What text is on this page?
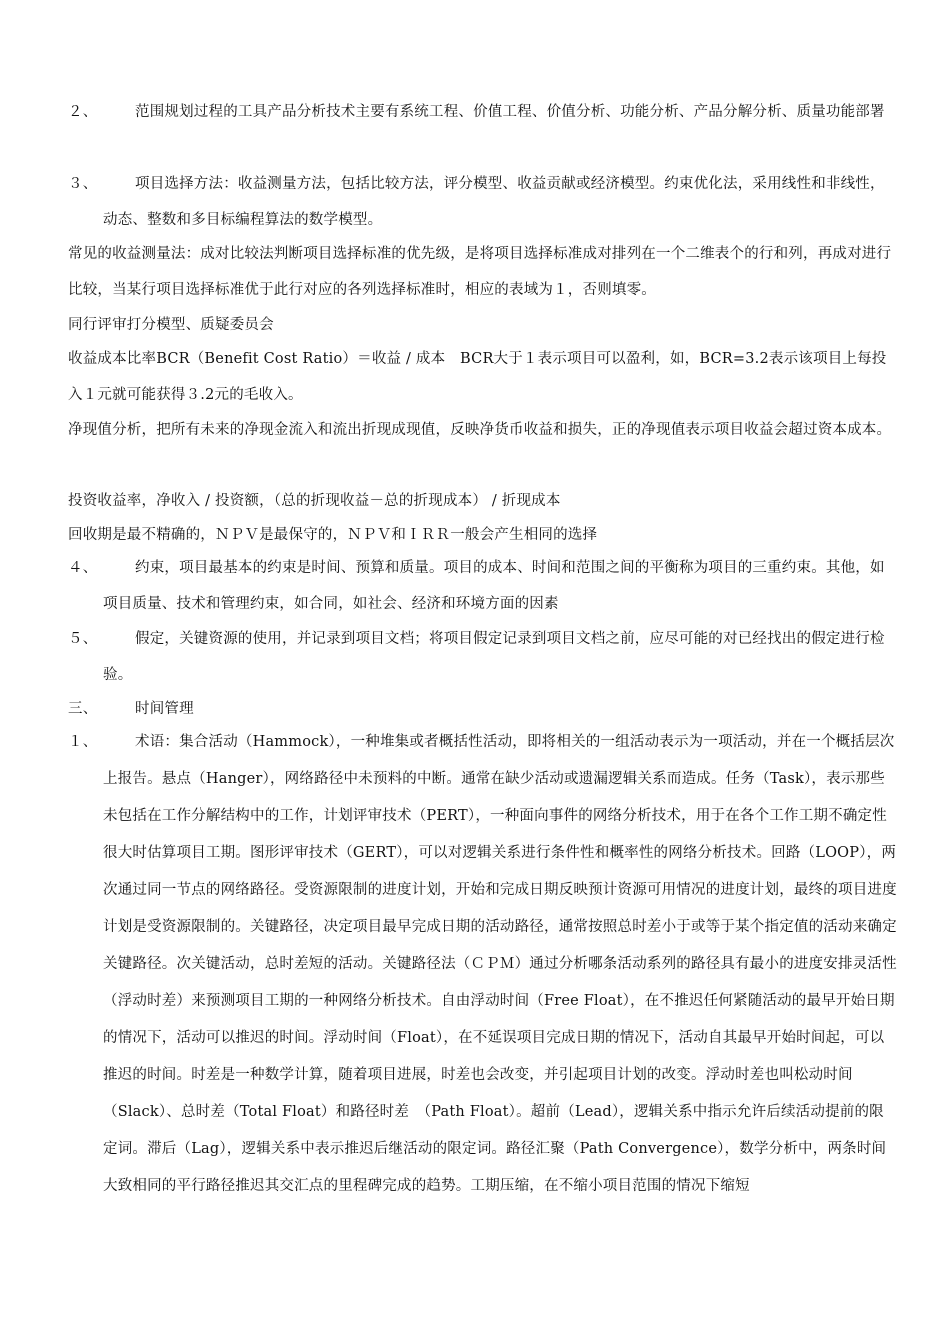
２、	范围规划过程的工具产品分析技术主要有系统工程、价值工程、价值分析、功能分析、产品分解分析、质量功能部署

３、	项目选择方法：收益测量方法，包括比较方法，评分模型、收益贡献或经济模型。约束优化法，采用线性和非线性，动态、整数和多目标编程算法的数学模型。

常见的收益测量法：成对比较法判断项目选择标准的优先级，是将项目选择标准成对排列在一个二维表个的行和列，再成对进行比较，当某行项目选择标准优于此行对应的各列选择标准时，相应的表域为１，否则填零。

同行评审打分模型、质疑委员会

收益成本比率BCR（Benefit Cost Ratio）＝收益 / 成本　BCR大于１表示项目可以盈利，如，BCR=3.2表示该项目上每投入１元就可能获得３.2元的毛收入。

净现值分析，把所有未来的净现金流入和流出折现成现值，反映净货币收益和损失，正的净现值表示项目收益会超过资本成本。

投资收益率，净收入 / 投资额，（总的折现收益－总的折现成本） / 折现成本

回收期是最不精确的，ＮＰＶ是最保守的，ＮＰＶ和ＩＲＲ一般会产生相同的选择

４、	约束，项目最基本的约束是时间、预算和质量。项目的成本、时间和范围之间的平衡称为项目的三重约束。其他，如项目质量、技术和管理约束，如合同，如社会、经济和环境方面的因素

５、	假定，关键资源的使用，并记录到项目文档；将项目假定记录到项目文档之前，应尽可能的对已经找出的假定进行检验。

三、	时间管理

１、	术语：集合活动（Hammock），一种堆集或者概括性活动，即将相关的一组活动表示为一项活动，并在一个概括层次上报告。悬点（Hanger），网络路径中未预料的中断。通常在缺少活动或遗漏逻辑关系而造成。任务（Task），表示那些未包括在工作分解结构中的工作，计划评审技术（PERT），一种面向事件的网络分析技术，用于在各个工作工期不确定性很大时估算项目工期。图形评审技术（GERT），可以对逻辑关系进行条件性和概率性的网络分析技术。回路（LOOP），两次通过同一节点的网络路径。受资源限制的进度计划，开始和完成日期反映预计资源可用情况的进度计划，最终的项目进度计划是受资源限制的。关键路径，决定项目最早完成日期的活动路径，通常按照总时差小于或等于某个指定值的活动来确定关键路径。次关键活动，总时差短的活动。关键路径法（ＣＰＭ）通过分析哪条活动系列的路径具有最小的进度安排灵活性（浮动时差）来预测项目工期的一种网络分析技术。自由浮动时间（Free Float），在不推迟任何紧随活动的最早开始日期的情况下，活动可以推迟的时间。浮动时间（Float），在不延误项目完成日期的情况下，活动自其最早开始时间起，可以推迟的时间。时差是一种数学计算，随着项目进展，时差也会改变，并引起项目计划的改变。浮动时差也叫松动时间（Slack）、总时差（Total Float）和路径时差　（Path Float）。超前（Lead），逻辑关系中指示允许后续活动提前的限定词。滞后（Lag），逻辑关系中表示推迟后继活动的限定词。路径汇聚（Path Convergence），数学分析中，两条时间大致相同的平行路径推迟其交汇点的里程碑完成的趋势。工期压缩，在不缩小项目范围的情况下缩短
